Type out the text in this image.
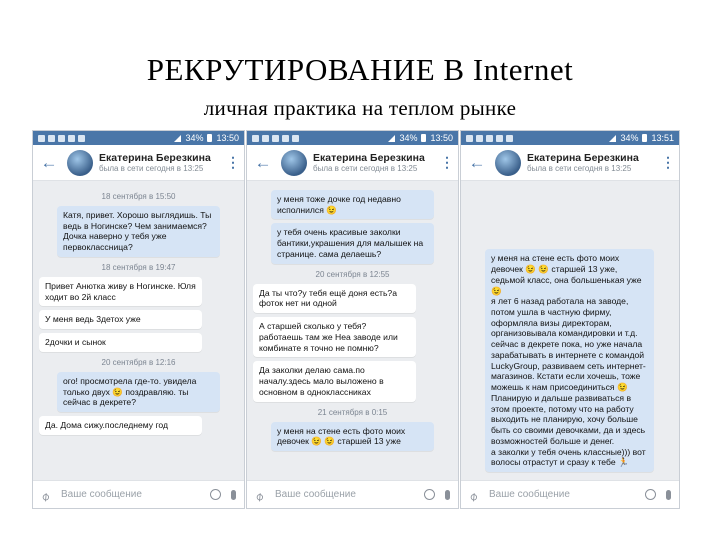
РЕКРУТИРОВАНИЕ В Internet
личная практика на теплом рынке
34% 13:50
←	Екатерина Березкина
была в сети сегодня в 13:25	⋮
18 сентября в 15:50
Катя, привет. Хорошо выглядишь. Ты ведь в Ногинске? Чем занимаемся? Дочка наверно у тебя уже первоклассница?
18 сентября в 19:47
Привет Анютка живу в Ногинске. Юля ходит во 2й класс
У меня ведь 3детох уже
2дочки и сынок
20 сентября в 12:16
ого! просмотрела где-то. увидела только двух 😉 поздравляю. ты сейчас в декрете?
Да. Дома сижу.последнему год
⌀
Ваше сообщение
34% 13:50
←	Екатерина Березкина
была в сети сегодня в 13:25	⋮
у меня тоже дочке год недавно исполнился 😉
у тебя очень красивые заколки бантики,украшения для малышек на странице. сама делаешь?
20 сентября в 12:55
Да ты что?у тебя ещё доня есть?а фоток нет ни одной
А старшей сколько у тебя? работаешь там же Неа заводе или комбинате я точно не помню?
Да заколки делаю сама.по началу.здесь мало выложено в основном в одноклассниках
21 сентября в 0:15
у меня на стене есть фото моих девочек 😉 😉 старшей 13 уже
⌀
Ваше сообщение
34% 13:51
←	Екатерина Березкина
была в сети сегодня в 13:25	⋮
у меня на стене есть фото моих девочек 😉 😉 старшей 13 уже, седьмой класс, она большенькая уже 😉
я лет 6 назад работала на заводе, потом ушла в частную фирму, оформляла визы директорам, организовывала командировки и т.д. сейчас в декрете пока, но уже начала зарабатывать в интернете с командой LuckyGroup, развиваем сеть интернет-магазинов. Кстати если хочешь, тоже можешь к нам присоединиться 😉
Планирую и дальше развиваться в этом проекте, потому что на работу выходить не планирую, хочу больше быть со своими девочками, да и здесь возможностей больше и денег.
а заколки у тебя очень классные))) вот волосы отрастут и сразу к тебе 🏃
⌀
Ваше сообщение
